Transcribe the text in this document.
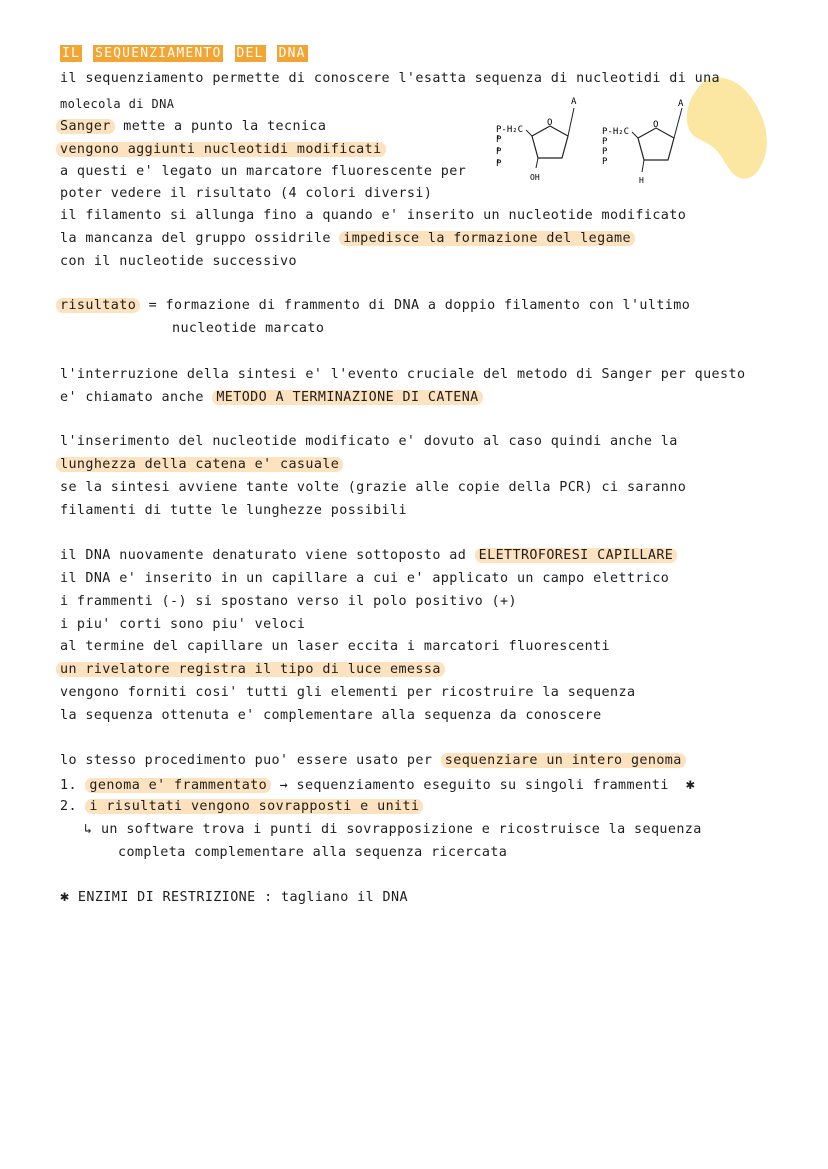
IL SEQUENZIAMENTO DEL DNA
P P P
P-H₂C
O
A
OH
P P P
P-H₂C
O
A
H
il sequenziamento permette di conoscere l'esatta sequenza di nucleotidi di una
molecola di DNA
Sanger mette a punto la tecnica
vengono aggiunti nucleotidi modificati
a questi e' legato un marcatore fluorescente per
poter vedere il risultato (4 colori diversi)
il filamento si allunga fino a quando e' inserito un nucleotide modificato
la mancanza del gruppo ossidrile impedisce la formazione del legame
con il nucleotide successivo
risultato = formazione di frammento di DNA a doppio filamento con l'ultimo
nucleotide marcato
l'interruzione della sintesi e' l'evento cruciale del metodo di Sanger per questo
e' chiamato anche METODO A TERMINAZIONE DI CATENA
l'inserimento del nucleotide modificato e' dovuto al caso quindi anche la
lunghezza della catena e' casuale
se la sintesi avviene tante volte (grazie alle copie della PCR) ci saranno
filamenti di tutte le lunghezze possibili
il DNA nuovamente denaturato viene sottoposto ad ELETTROFORESI CAPILLARE
il DNA e' inserito in un capillare a cui e' applicato un campo elettrico
i frammenti (-) si spostano verso il polo positivo (+)
i piu' corti sono piu' veloci
al termine del capillare un laser eccita i marcatori fluorescenti
un rivelatore registra il tipo di luce emessa
vengono forniti cosi' tutti gli elementi per ricostruire la sequenza
la sequenza ottenuta e' complementare alla sequenza da conoscere
lo stesso procedimento puo' essere usato per sequenziare un intero genoma
1. genoma e' frammentato → sequenziamento eseguito su singoli frammenti ✱
2. i risultati vengono sovrapposti e uniti
↳ un software trova i punti di sovrapposizione e ricostruisce la sequenza
completa complementare alla sequenza ricercata
✱ ENZIMI DI RESTRIZIONE : tagliano il DNA
